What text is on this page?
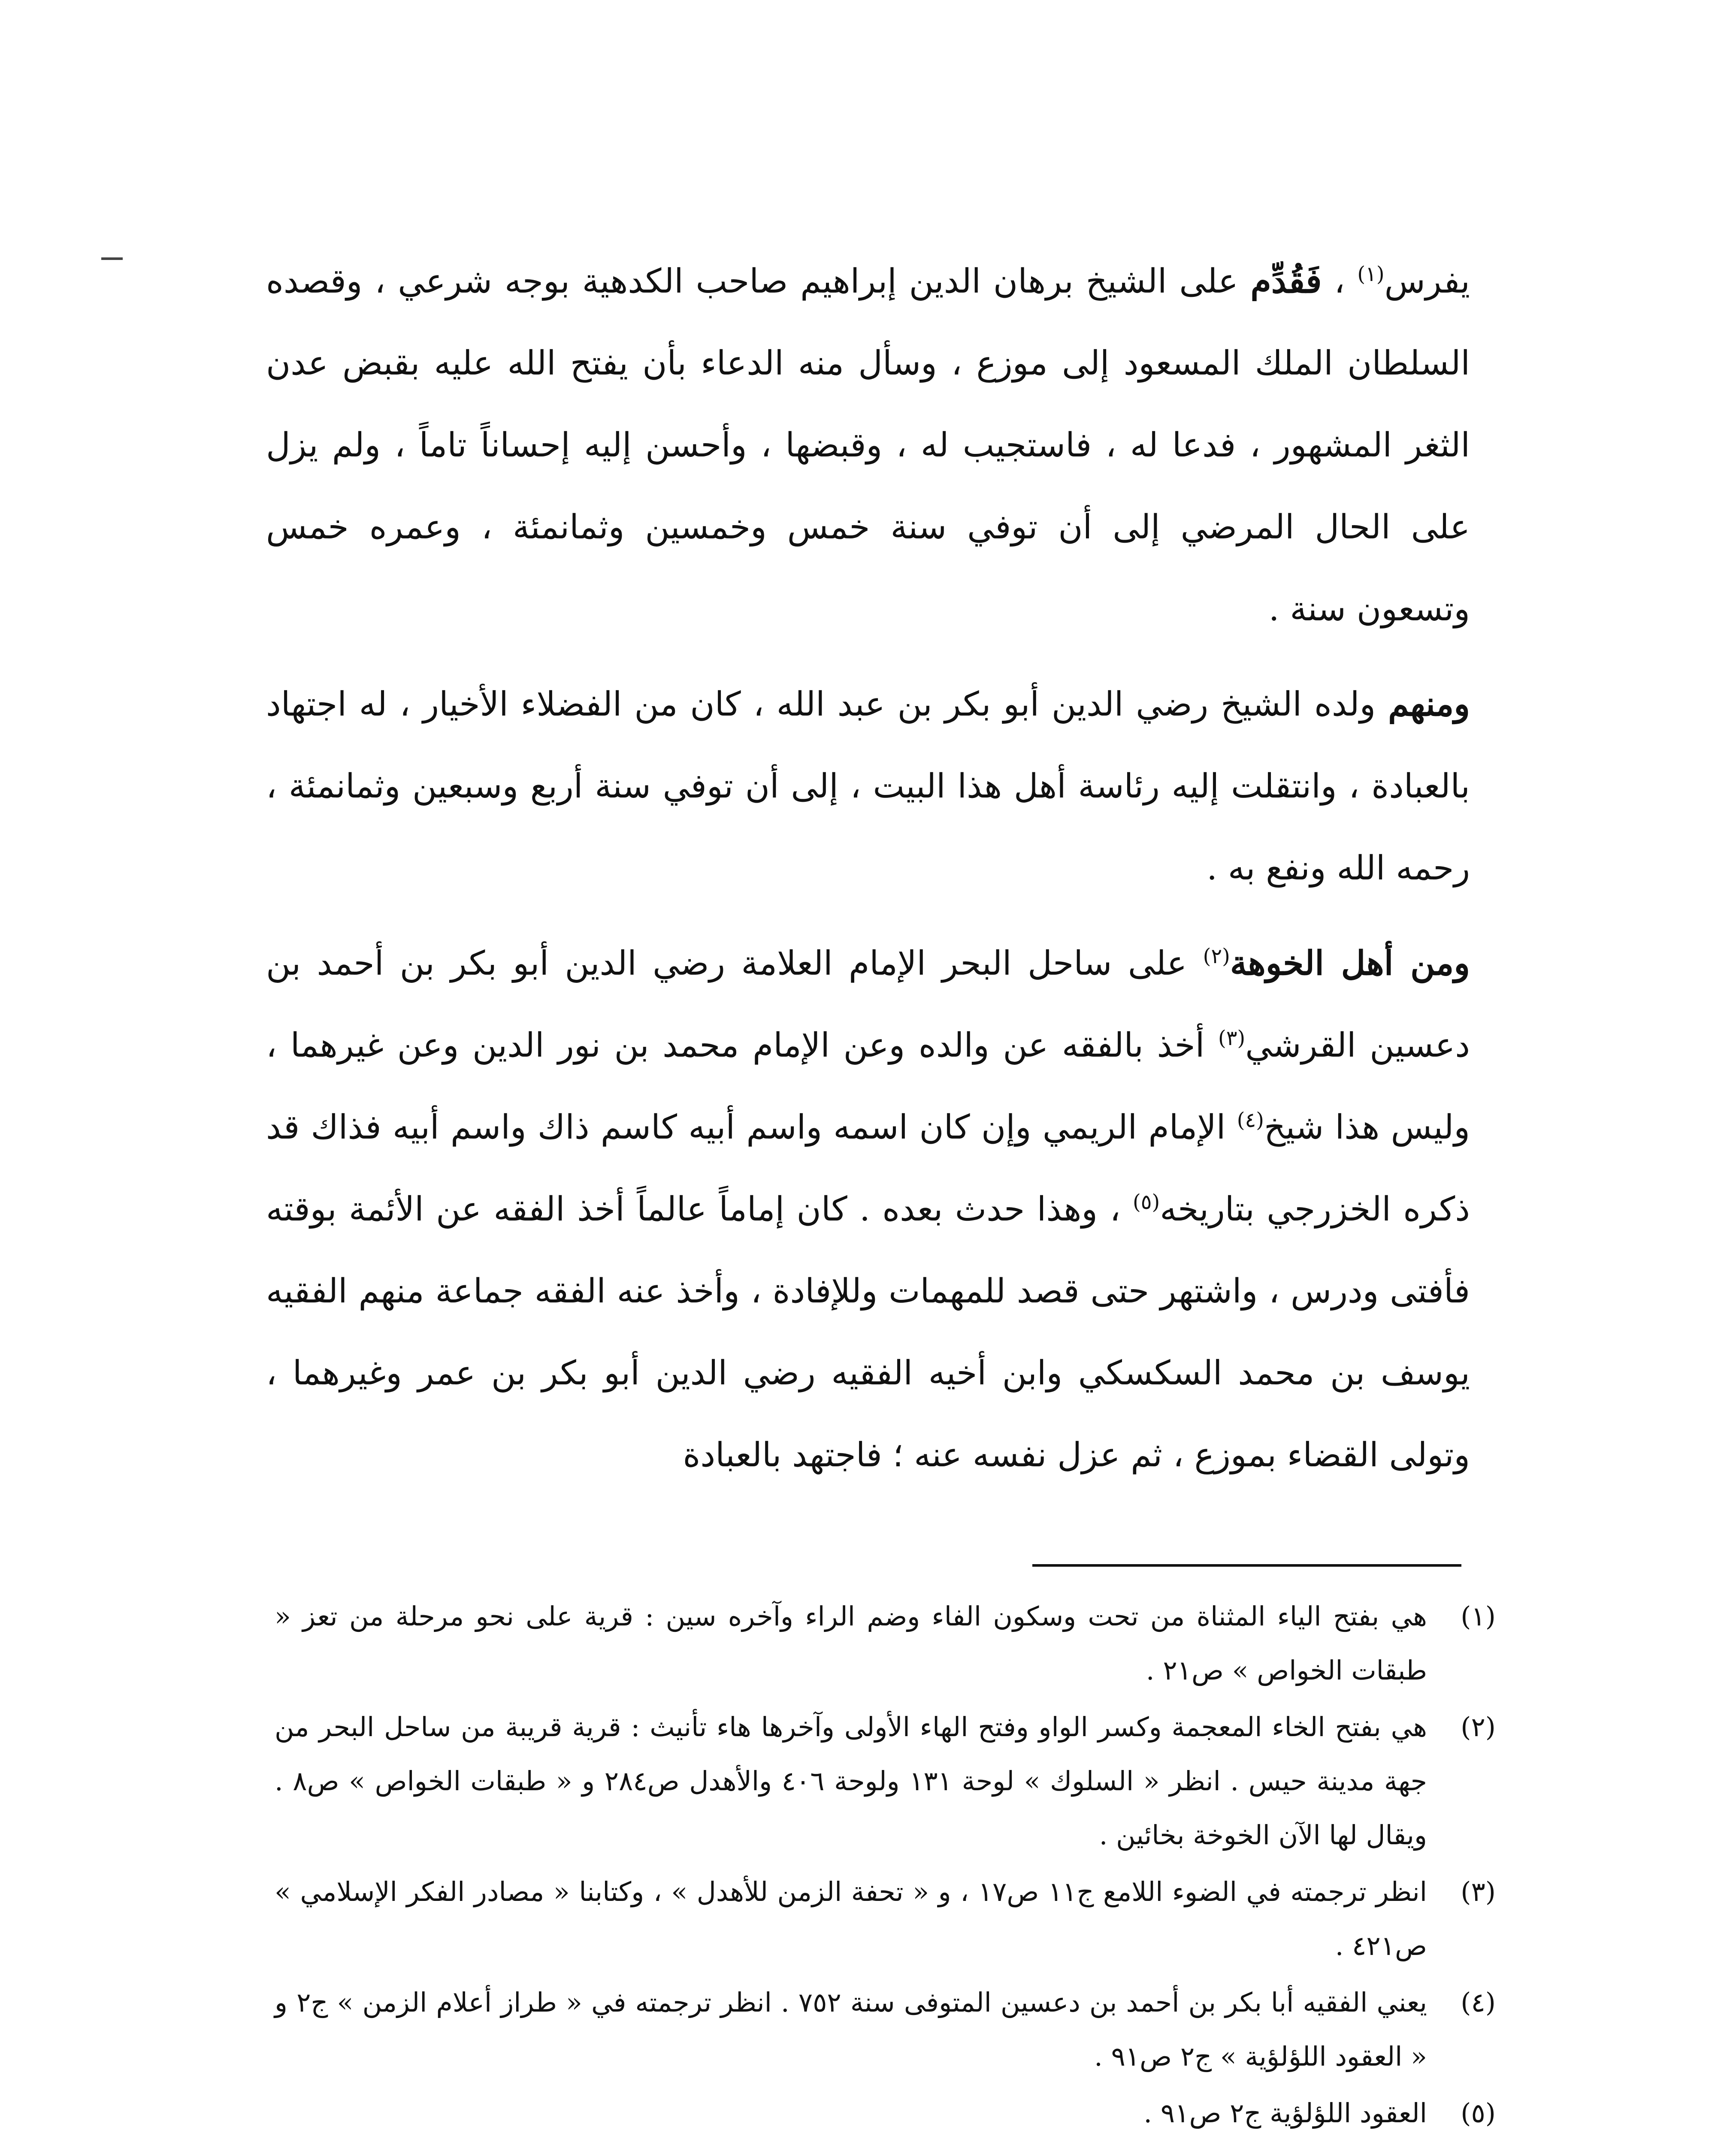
يفرس$^{(١)}$ ، فَقُدِّم على الشيخ برهان الدين إبراهيم صاحب الكدهية بوجه شرعي ، وقصده السلطان الملك المسعود إلى موزع ، وسأل منه الدعاء بأن يفتح الله عليه بقبض عدن الثغر المشهور ، فدعا له ، فاستجيب له ، وقبضها ، وأحسن إليه إحساناً تاماً ، ولم يزل على الحال المرضي إلى أن توفي سنة خمس وخمسين وثمانمئة ، وعمره خمس وتسعون سنة .

ومنهم ولده الشيخ رضي الدين أبو بكر بن عبد الله ، كان من الفضلاء الأخيار ، له اجتهاد بالعبادة ، وانتقلت إليه رئاسة أهل هذا البيت ، إلى أن توفي سنة أربع وسبعين وثمانمئة ، رحمه الله ونفع به .

ومن أهل الخوهة$^{(٢)}$ على ساحل البحر الإمام العلامة رضي الدين أبو بكر بن أحمد بن دعسين القرشي$^{(٣)}$ أخذ بالفقه عن والده وعن الإمام محمد بن نور الدين وعن غيرهما ، وليس هذا شيخ$^{(٤)}$ الإمام الريمي وإن كان اسمه واسم أبيه كاسم ذاك واسم أبيه فذاك قد ذكره الخزرجي بتاريخه$^{(٥)}$ ، وهذا حدث بعده . كان إماماً عالماً أخذ الفقه عن الأئمة بوقته فأفتى ودرس ، واشتهر حتى قصد للمهمات وللإفادة ، وأخذ عنه الفقه جماعة منهم الفقيه يوسف بن محمد السكسكي وابن أخيه الفقيه رضي الدين أبو بكر بن عمر وغيرهما ، وتولى القضاء بموزع ، ثم عزل نفسه عنه ؛ فاجتهد بالعبادة

(١)
هي بفتح الياء المثناة من تحت وسكون الفاء وضم الراء وآخره سين : قرية على نحو مرحلة من تعز « طبقات الخواص » ص٢١ .
(٢)
هي بفتح الخاء المعجمة وكسر الواو وفتح الهاء الأولى وآخرها هاء تأنيث : قرية قريبة من ساحل البحر من جهة مدينة حيس . انظر « السلوك » لوحة ١٣١ ولوحة ٤٠٦ والأهدل ص٢٨٤ و « طبقات الخواص » ص٨ . ويقال لها الآن الخوخة بخائين .
(٣)
انظر ترجمته في الضوء اللامع ج١١ ص١٧ ، و « تحفة الزمن للأهدل » ، وكتابنا « مصادر الفكر الإسلامي » ص٤٢١ .
(٤)
يعني الفقيه أبا بكر بن أحمد بن دعسين المتوفى سنة ٧٥٢ . انظر ترجمته في « طراز أعلام الزمن » ج٢ و « العقود اللؤلؤية » ج٢ ص٩١ .
(٥)
العقود اللؤلؤية ج٢ ص٩١ .
